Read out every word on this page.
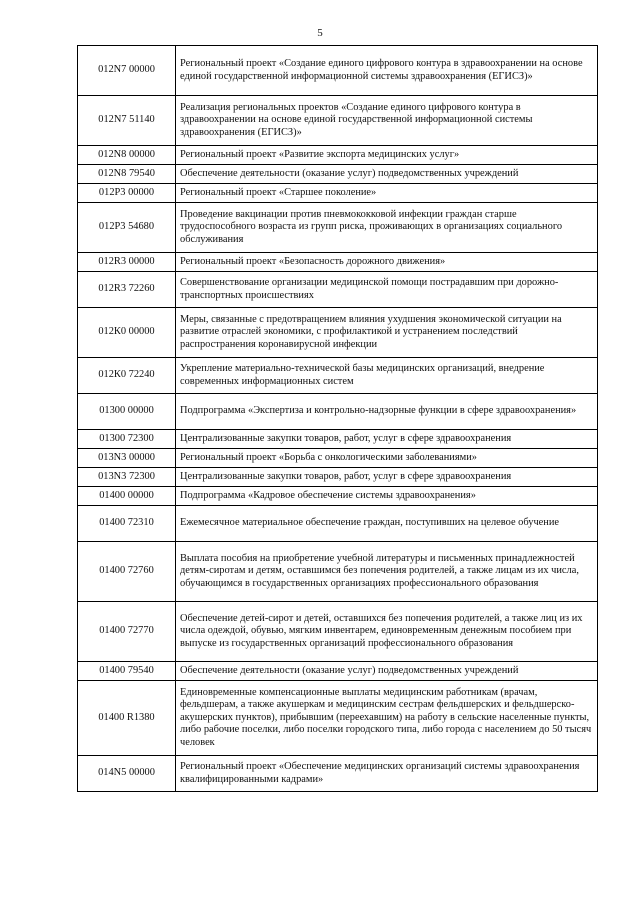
5
012N7 00000	Региональный проект «Создание единого цифрового контура в здравоохранении на основе единой государственной информационной системы здравоохранения (ЕГИСЗ)»
012N7 51140	Реализация региональных проектов «Создание единого цифрового контура в здравоохранении на основе единой государственной информационной системы здравоохранения (ЕГИСЗ)»
012N8 00000	Региональный проект «Развитие экспорта медицинских услуг»
012N8 79540	Обеспечение деятельности (оказание услуг) подведомственных учреждений
012P3 00000	Региональный проект «Старшее поколение»
012P3 54680	Проведение вакцинации против пневмококковой инфекции граждан старше трудоспособного возраста из групп риска, проживающих в организациях социального обслуживания
012R3 00000	Региональный проект «Безопасность дорожного движения»
012R3 72260	Совершенствование организации медицинской помощи пострадавшим при дорожно-транспортных происшествиях
012К0 00000	Меры, связанные с предотвращением влияния ухудшения экономической ситуации на развитие отраслей экономики, с профилактикой и устранением последствий распространения коронавирусной инфекции
012К0 72240	Укрепление материально-технической базы медицинских организаций, внедрение современных информационных систем
01300 00000	Подпрограмма «Экспертиза и контрольно-надзорные функции в сфере здравоохранения»
01300 72300	Централизованные закупки товаров, работ, услуг в сфере здравоохранения
013N3 00000	Региональный проект «Борьба с онкологическими заболеваниями»
013N3 72300	Централизованные закупки товаров, работ, услуг в сфере здравоохранения
01400 00000	Подпрограмма «Кадровое обеспечение системы здравоохранения»
01400 72310	Ежемесячное материальное обеспечение граждан, поступивших на целевое обучение
01400 72760	Выплата пособия на приобретение учебной литературы и письменных принадлежностей детям-сиротам и детям, оставшимся без попечения родителей, а также лицам из их числа, обучающимся в государственных организациях профессионального образования
01400 72770	Обеспечение детей-сирот и детей, оставшихся без попечения родителей, а также лиц из их числа одеждой, обувью, мягким инвентарем, единовременным денежным пособием при выпуске из государственных организаций профессионального образования
01400 79540	Обеспечение деятельности (оказание услуг) подведомственных учреждений
01400 R1380	Единовременные компенсационные выплаты медицинским работникам (врачам, фельдшерам, а также акушеркам и медицинским сестрам фельдшерских и фельдшерско-акушерских пунктов), прибывшим (переехавшим) на работу в сельские населенные пункты, либо рабочие поселки, либо поселки городского типа, либо города с населением до 50 тысяч человек
014N5 00000	Региональный проект «Обеспечение медицинских организаций системы здравоохранения квалифицированными кадрами»
